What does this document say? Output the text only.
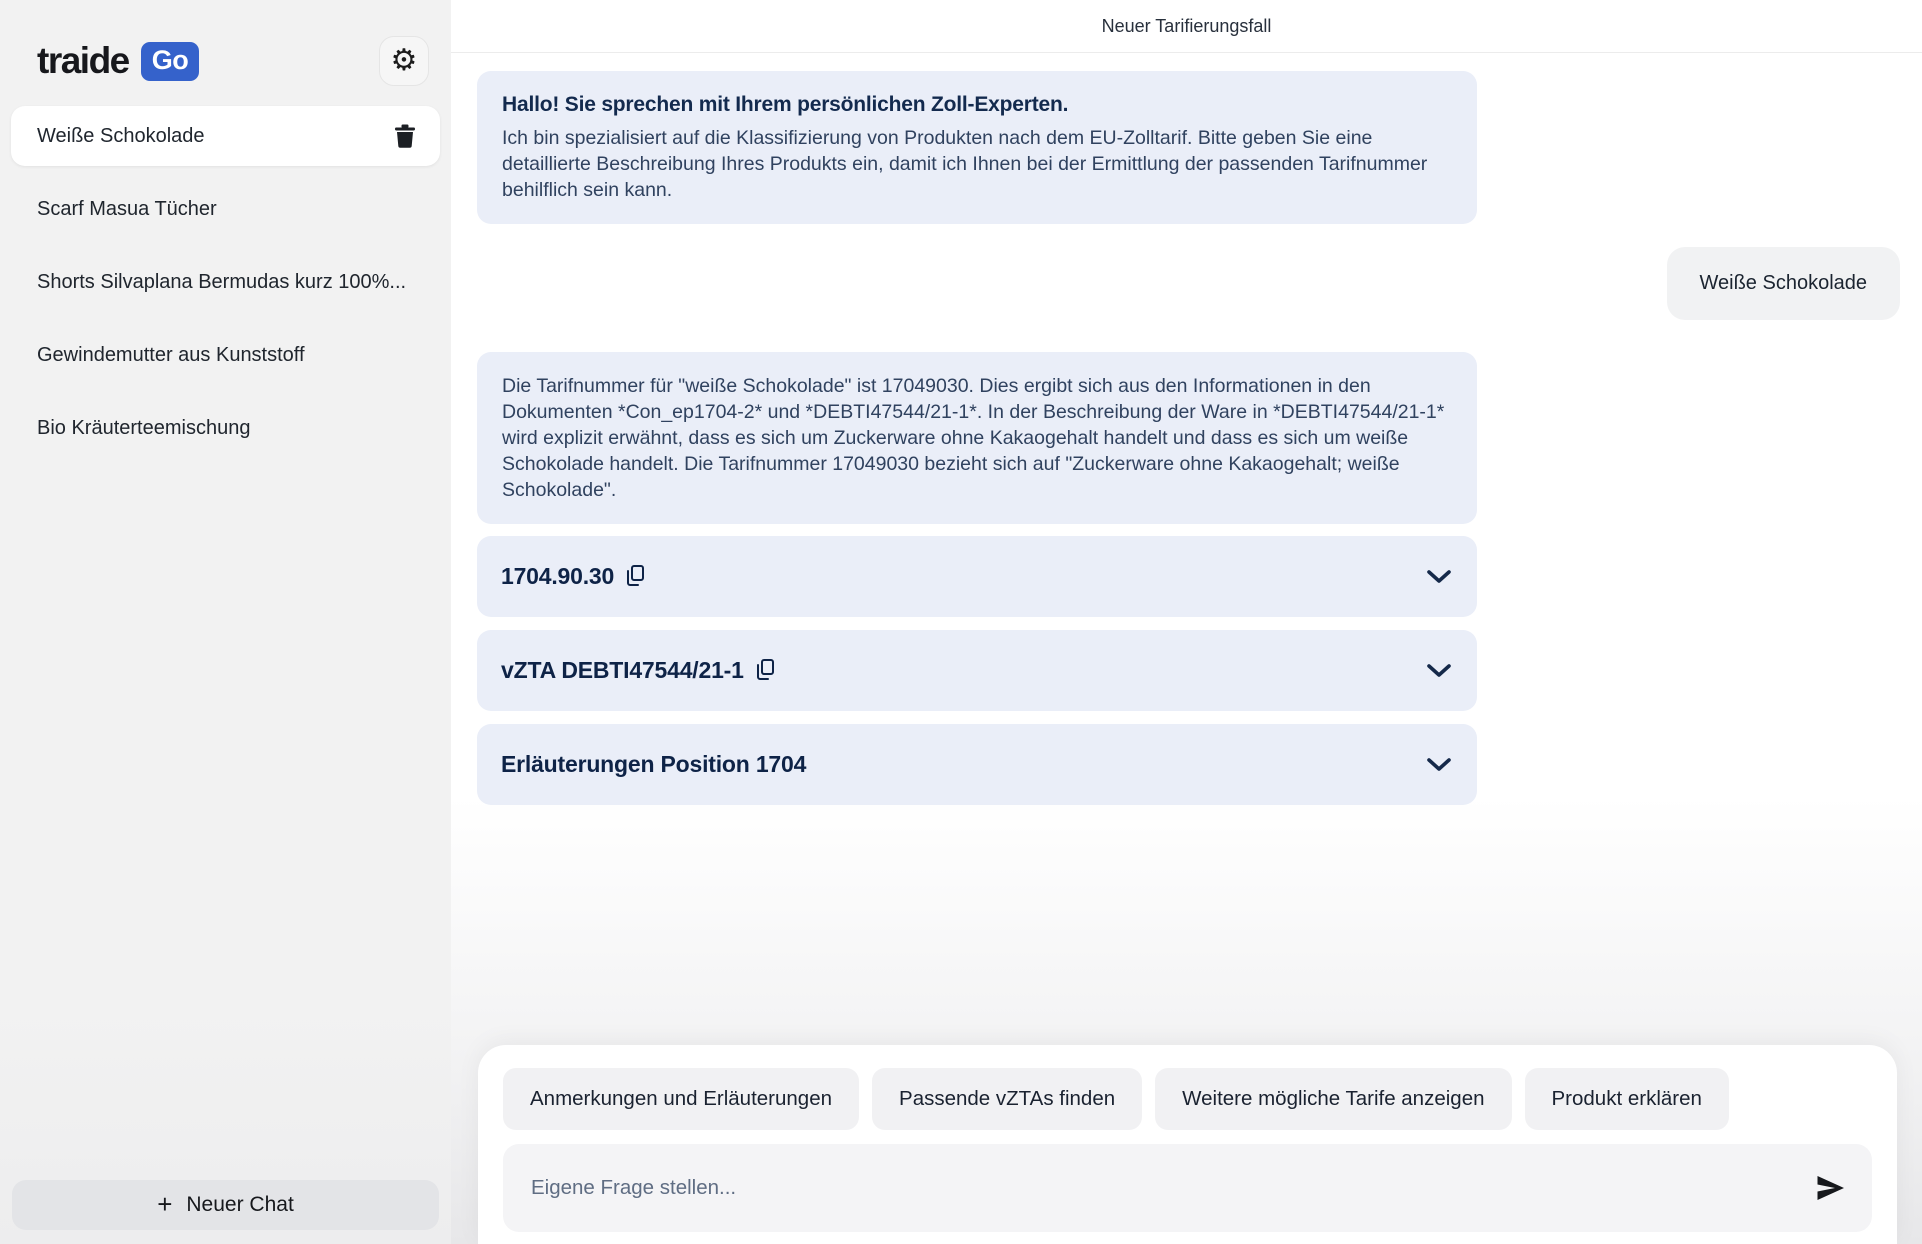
traide Go	⚙
Weiße Schokolade
Scarf Masua Tücher
Shorts Silvaplana Bermudas kurz 100%...
Gewindemutter aus Kunststoff
Bio Kräuterteemischung
+ Neuer Chat
Neuer Tarifierungsfall
Hallo! Sie sprechen mit Ihrem persönlichen Zoll-Experten.
Ich bin spezialisiert auf die Klassifizierung von Produkten nach dem EU-Zolltarif. Bitte geben Sie eine detaillierte Beschreibung Ihres Produkts ein, damit ich Ihnen bei der Ermittlung der passenden Tarifnummer behilflich sein kann.
Weiße Schokolade
Die Tarifnummer für "weiße Schokolade" ist 17049030. Dies ergibt sich aus den Informationen in den Dokumenten *Con_ep1704-2* und *DEBTI47544/21-1*. In der Beschreibung der Ware in *DEBTI47544/21-1* wird explizit erwähnt, dass es sich um Zuckerware ohne Kakaogehalt handelt und dass es sich um weiße Schokolade handelt. Die Tarifnummer 17049030 bezieht sich auf "Zuckerware ohne Kakaogehalt; weiße Schokolade".
1704.90.30
vZTA DEBTI47544/21-1
Erläuterungen Position 1704
Anmerkungen und Erläuterungen	Passende vZTAs finden	Weitere mögliche Tarife anzeigen	Produkt erklären
Eigene Frage stellen...
